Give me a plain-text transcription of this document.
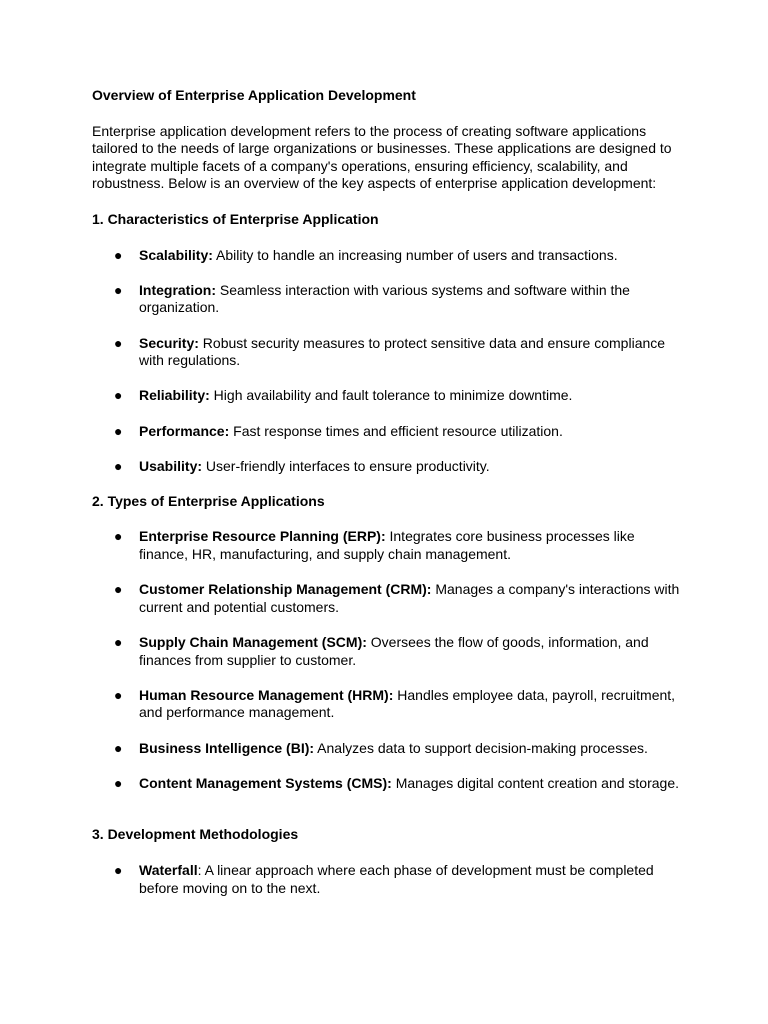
Overview of Enterprise Application Development

Enterprise application development refers to the process of creating software applications tailored to the needs of large organizations or businesses. These applications are designed to integrate multiple facets of a company's operations, ensuring efficiency, scalability, and robustness. Below is an overview of the key aspects of enterprise application development:

1. Characteristics of Enterprise Application

● Scalability: Ability to handle an increasing number of users and transactions.
● Integration: Seamless interaction with various systems and software within the organization.
● Security: Robust security measures to protect sensitive data and ensure compliance with regulations.
● Reliability: High availability and fault tolerance to minimize downtime.
● Performance: Fast response times and efficient resource utilization.
● Usability: User-friendly interfaces to ensure productivity.

2. Types of Enterprise Applications

● Enterprise Resource Planning (ERP): Integrates core business processes like finance, HR, manufacturing, and supply chain management.
● Customer Relationship Management (CRM): Manages a company's interactions with current and potential customers.
● Supply Chain Management (SCM): Oversees the flow of goods, information, and finances from supplier to customer.
● Human Resource Management (HRM): Handles employee data, payroll, recruitment, and performance management.
● Business Intelligence (BI): Analyzes data to support decision-making processes.
● Content Management Systems (CMS): Manages digital content creation and storage.

3. Development Methodologies

● Waterfall: A linear approach where each phase of development must be completed before moving on to the next.
